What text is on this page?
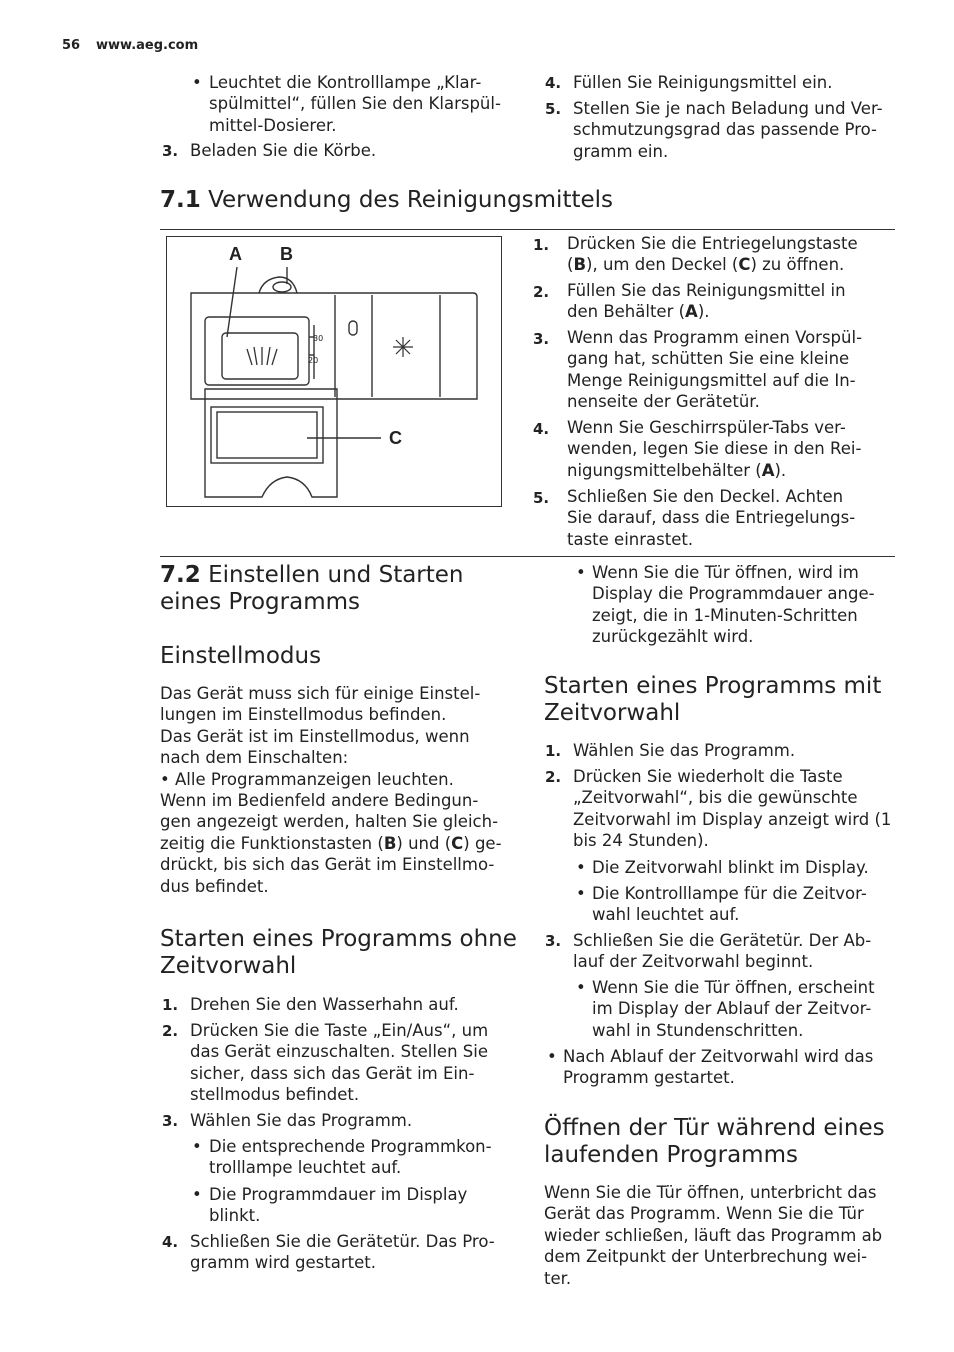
56 www.aeg.com
• Leuchtet die Kontrolllampe „Klar-
spülmittel“, füllen Sie den Klarspül-
mittel-Dosierer.
3. Beladen Sie die Körbe.
4. Füllen Sie Reinigungsmittel ein.
5. Stellen Sie je nach Beladung und Ver-
schmutzungsgrad das passende Pro-
gramm ein.
7.1 Verwendung des Reinigungsmittels
A B
C
30
20
1. Drücken Sie die Entriegelungstaste
(B), um den Deckel (C) zu öffnen.
2. Füllen Sie das Reinigungsmittel in
den Behälter (A).
3. Wenn das Programm einen Vorspül-
gang hat, schütten Sie eine kleine
Menge Reinigungsmittel auf die In-
nenseite der Gerätetür.
4. Wenn Sie Geschirrspüler-Tabs ver-
wenden, legen Sie diese in den Rei-
nigungsmittelbehälter (A).
5. Schließen Sie den Deckel. Achten
Sie darauf, dass die Entriegelungs-
taste einrastet.
7.2 Einstellen und Starten
eines Programms
Einstellmodus
Das Gerät muss sich für einige Einstel-
lungen im Einstellmodus befinden.
Das Gerät ist im Einstellmodus, wenn
nach dem Einschalten:
• Alle Programmanzeigen leuchten.
Wenn im Bedienfeld andere Bedingun-
gen angezeigt werden, halten Sie gleich-
zeitig die Funktionstasten (B) und (C) ge-
drückt, bis sich das Gerät im Einstellmo-
dus befindet.
Starten eines Programms ohne
Zeitvorwahl
1. Drehen Sie den Wasserhahn auf.
2. Drücken Sie die Taste „Ein/Aus“, um
das Gerät einzuschalten. Stellen Sie
sicher, dass sich das Gerät im Ein-
stellmodus befindet.
3. Wählen Sie das Programm.
• Die entsprechende Programmkon-
trolllampe leuchtet auf.
• Die Programmdauer im Display
blinkt.
4. Schließen Sie die Gerätetür. Das Pro-
gramm wird gestartet.
• Wenn Sie die Tür öffnen, wird im
Display die Programmdauer ange-
zeigt, die in 1-Minuten-Schritten
zurückgezählt wird.
Starten eines Programms mit
Zeitvorwahl
1. Wählen Sie das Programm.
2. Drücken Sie wiederholt die Taste
„Zeitvorwahl“, bis die gewünschte
Zeitvorwahl im Display anzeigt wird (1
bis 24 Stunden).
• Die Zeitvorwahl blinkt im Display.
• Die Kontrolllampe für die Zeitvor-
wahl leuchtet auf.
3. Schließen Sie die Gerätetür. Der Ab-
lauf der Zeitvorwahl beginnt.
• Wenn Sie die Tür öffnen, erscheint
im Display der Ablauf der Zeitvor-
wahl in Stundenschritten.
• Nach Ablauf der Zeitvorwahl wird das
Programm gestartet.
Öffnen der Tür während eines
laufenden Programms
Wenn Sie die Tür öffnen, unterbricht das
Gerät das Programm. Wenn Sie die Tür
wieder schließen, läuft das Programm ab
dem Zeitpunkt der Unterbrechung wei-
ter.
